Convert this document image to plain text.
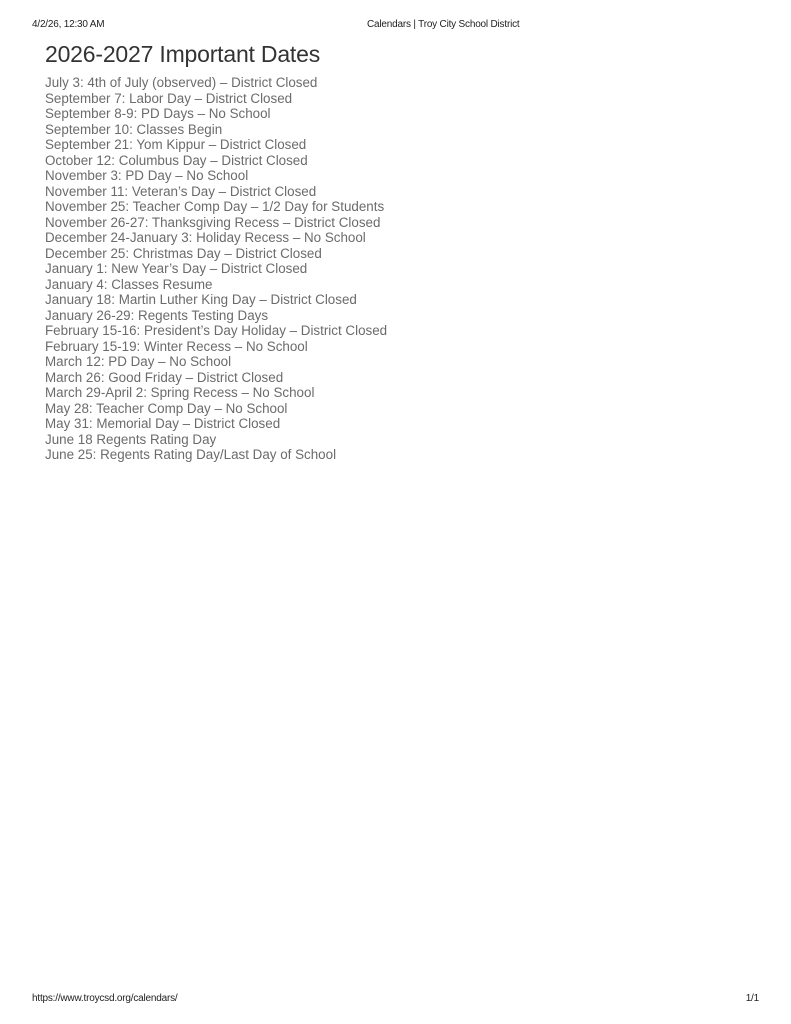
4/2/26, 12:30 AM	Calendars | Troy City School District
2026-2027 Important Dates
July 3: 4th of July (observed) – District Closed
September 7: Labor Day – District Closed
September 8-9: PD Days – No School
September 10: Classes Begin
September 21: Yom Kippur – District Closed
October 12: Columbus Day – District Closed
November 3: PD Day – No School
November 11: Veteran’s Day – District Closed
November 25: Teacher Comp Day – 1/2 Day for Students
November 26-27: Thanksgiving Recess – District Closed
December 24-January 3: Holiday Recess – No School
December 25: Christmas Day – District Closed
January 1: New Year’s Day – District Closed
January 4: Classes Resume
January 18: Martin Luther King Day – District Closed
January 26-29: Regents Testing Days
February 15-16: President’s Day Holiday – District Closed
February 15-19: Winter Recess – No School
March 12: PD Day – No School
March 26: Good Friday – District Closed
March 29-April 2: Spring Recess – No School
May 28: Teacher Comp Day – No School
May 31: Memorial Day – District Closed
June 18 Regents Rating Day
June 25: Regents Rating Day/Last Day of School
https://www.troycsd.org/calendars/	1/1
